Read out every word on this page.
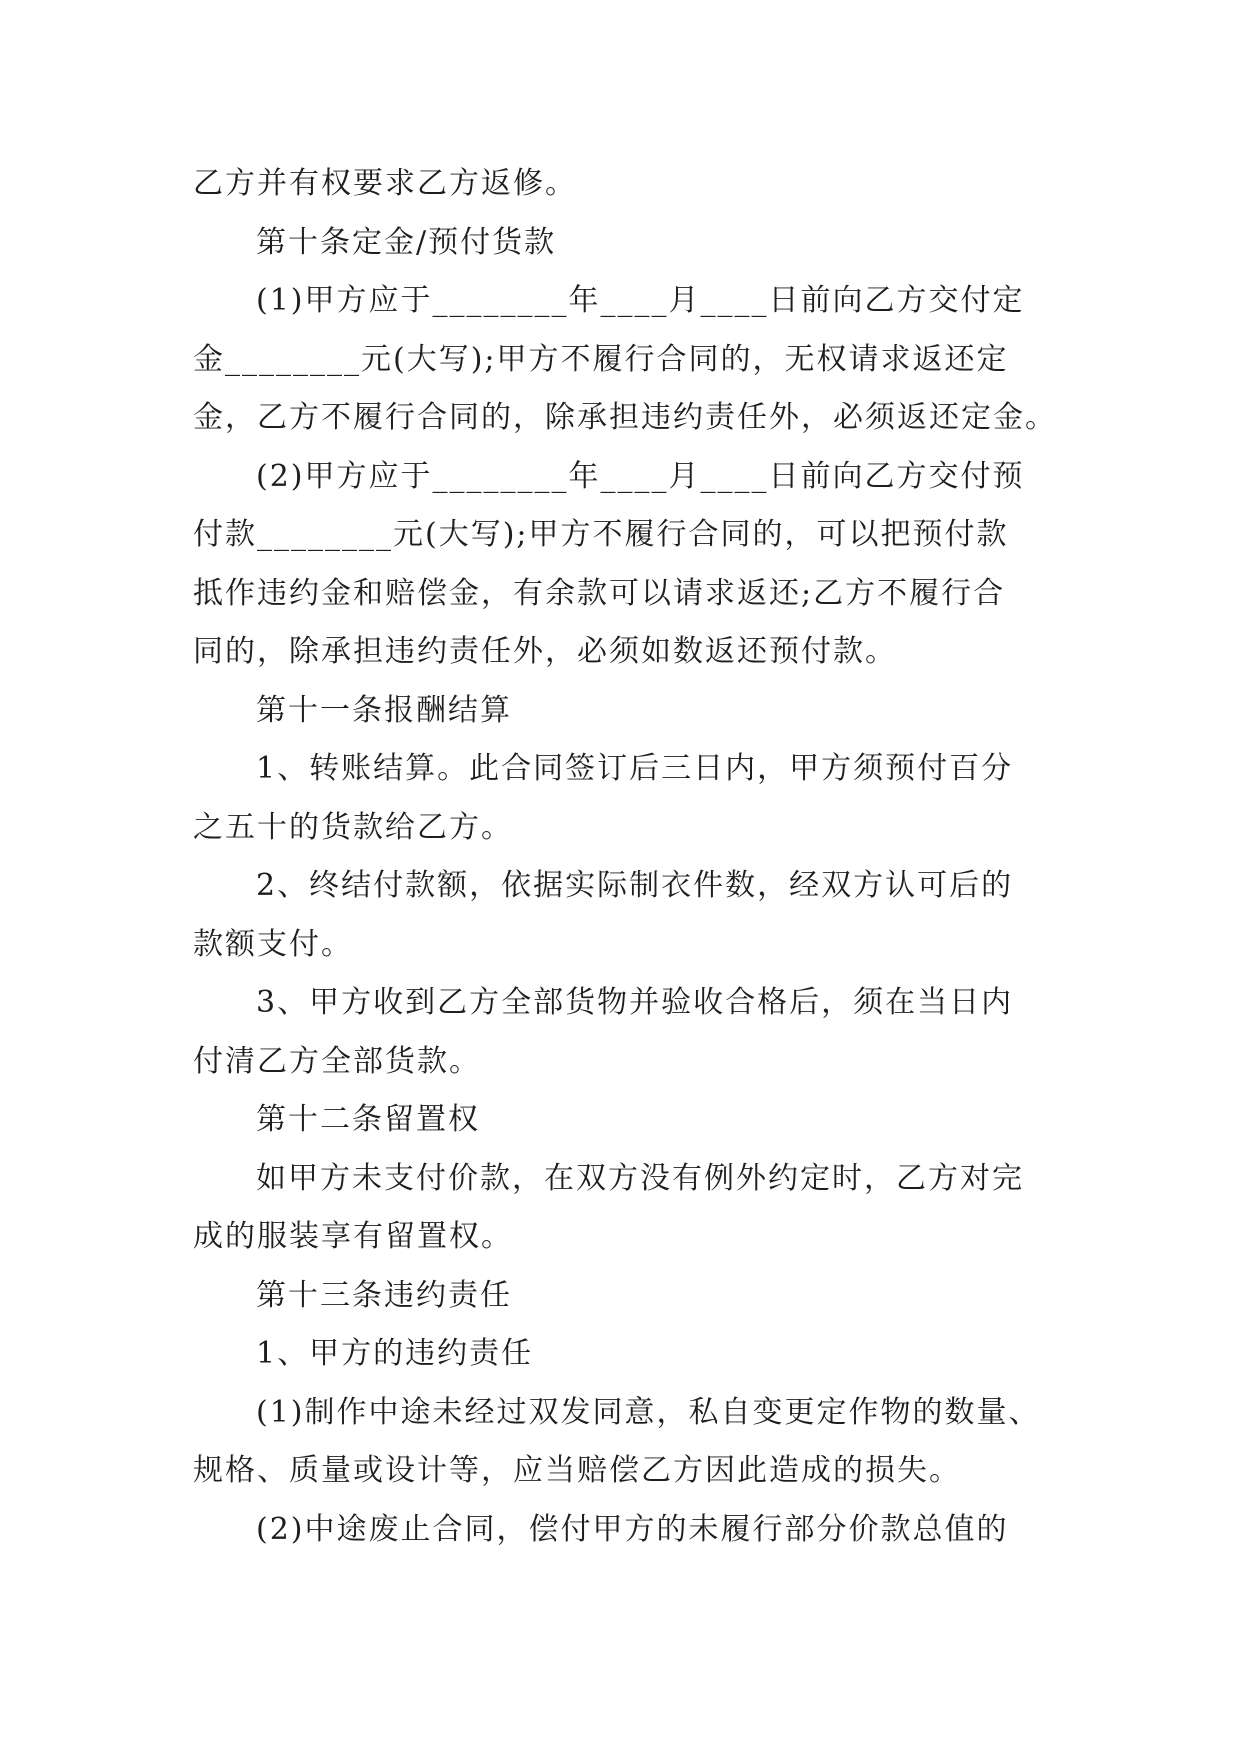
乙方并有权要求乙方返修。
第十条定金/预付货款
(1)甲方应于________年____月____日前向乙方交付定
金________元(大写);甲方不履行合同的，无权请求返还定
金，乙方不履行合同的，除承担违约责任外，必须返还定金。
(2)甲方应于________年____月____日前向乙方交付预
付款________元(大写);甲方不履行合同的，可以把预付款
抵作违约金和赔偿金，有余款可以请求返还;乙方不履行合
同的，除承担违约责任外，必须如数返还预付款。
第十一条报酬结算
1、转账结算。此合同签订后三日内，甲方须预付百分
之五十的货款给乙方。
2、终结付款额，依据实际制衣件数，经双方认可后的
款额支付。
3、甲方收到乙方全部货物并验收合格后，须在当日内
付清乙方全部货款。
第十二条留置权
如甲方未支付价款，在双方没有例外约定时，乙方对完
成的服装享有留置权。
第十三条违约责任
1、甲方的违约责任
(1)制作中途未经过双发同意，私自变更定作物的数量、
规格、质量或设计等，应当赔偿乙方因此造成的损失。
(2)中途废止合同，偿付甲方的未履行部分价款总值的
